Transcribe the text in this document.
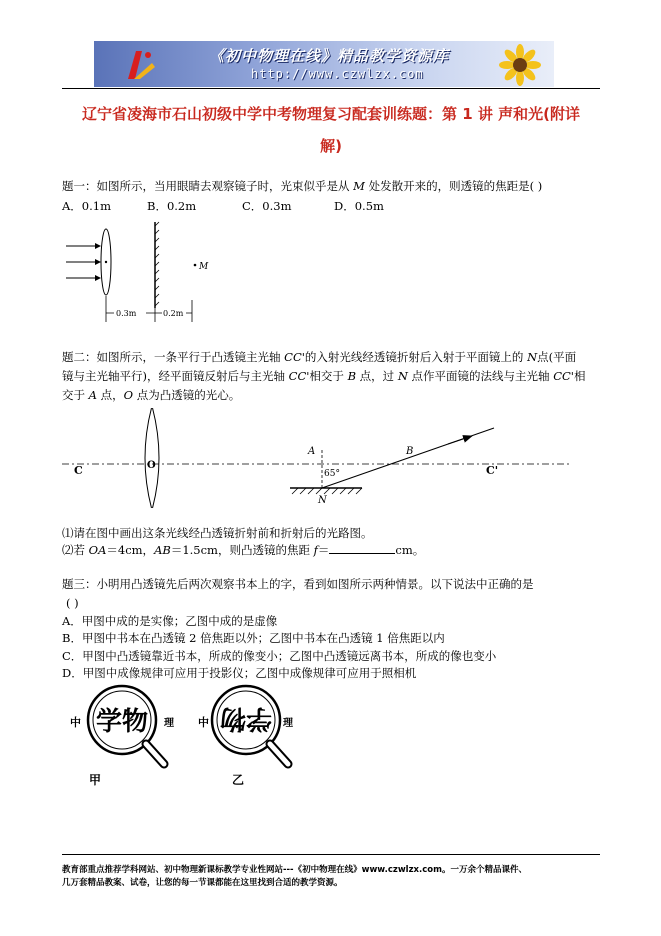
《初中物理在线》精品教学资源库
http://www.czwlzx.com
辽宁省凌海市石山初级中学中考物理复习配套训练题：第 1 讲 声和光(附详
解)
题一：如图所示，当用眼睛去观察镜子时，光束似乎是从 M 处发散开来的，则透镜的焦距是( )
A．0.1m	B．0.2m	C．0.3m	D．0.5m
M
0.3m	0.2m
题二：如图所示，一条平行于凸透镜主光轴 CC'的入射光线经透镜折射后入射于平面镜上的 N点(平面
镜与主光轴平行)，经平面镜反射后与主光轴 CC'相交于 B 点，过 N 点作平面镜的法线与主光轴 CC'相
交于 A 点，O 点为凸透镜的光心。
C	O
A
N
65°
B
C'
⑴请在图中画出这条光线经凸透镜折射前和折射后的光路图。
⑵若 OA＝4cm，AB＝1.5cm，则凸透镜的焦距 f＝	cm。
题三：小明用凸透镜先后两次观察书本上的字，看到如图所示两种情景。以下说法中正确的是
( )
A．甲图中成的是实像；乙图中成的是虚像
B．甲图中书本在凸透镜 2 倍焦距以外；乙图中书本在凸透镜 1 倍焦距以内
C．甲图中凸透镜靠近书本，所成的像变小；乙图中凸透镜远离书本，所成的像也变小
D．甲图中成像规律可应用于投影仪；乙图中成像规律可应用于照相机
中 学物 理
甲
中 学物 理
乙
教育部重点推荐学科网站、初中物理新课标教学专业性网站---《初中物理在线》www.czwlzx.com。一万余个精品课件、
几万套精品教案、试卷，让您的每一节课都能在这里找到合适的教学资源。
